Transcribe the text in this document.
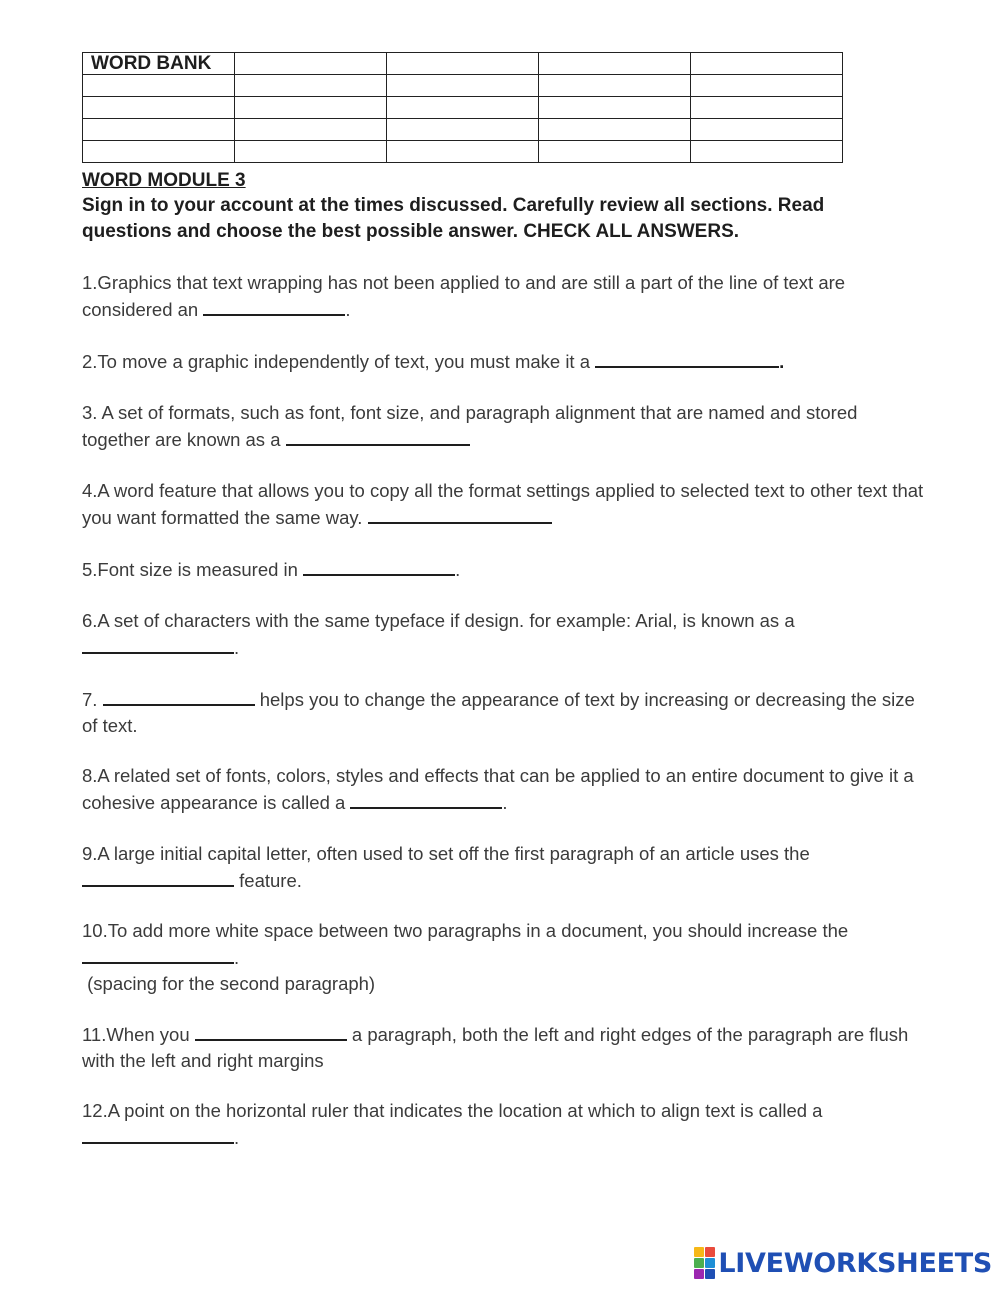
WORD BANK				

WORD MODULE 3

Sign in to your account at the times discussed. Carefully review all sections. Read questions and choose the best possible answer. CHECK ALL ANSWERS.

1.Graphics that text wrapping has not been applied to and are still a part of the line of text are considered an	.

2.To move a graphic independently of text, you must make it a	.

3. A set of formats, such as font, font size, and paragraph alignment that are named and stored together are known as a

4.A word feature that allows you to copy all the format settings applied to selected text to other text that you want formatted the same way.

5.Font size is measured in	.

6.A set of characters with the same typeface if design. for example: Arial, is known as a .

7.	helps you to change the appearance of text by increasing or decreasing the size of text.

8.A related set of fonts, colors, styles and effects that can be applied to an entire document to give it a cohesive appearance is called a	.

9.A large initial capital letter, often used to set off the first paragraph of an article uses the  feature.

10.To add more white space between two paragraphs in a document, you should increase the .
(spacing for the second paragraph)

11.When you	a paragraph, both the left and right edges of the paragraph are flush with the left and right margins

12.A point on the horizontal ruler that indicates the location at which to align text is called a .

LIVEWORKSHEETS
